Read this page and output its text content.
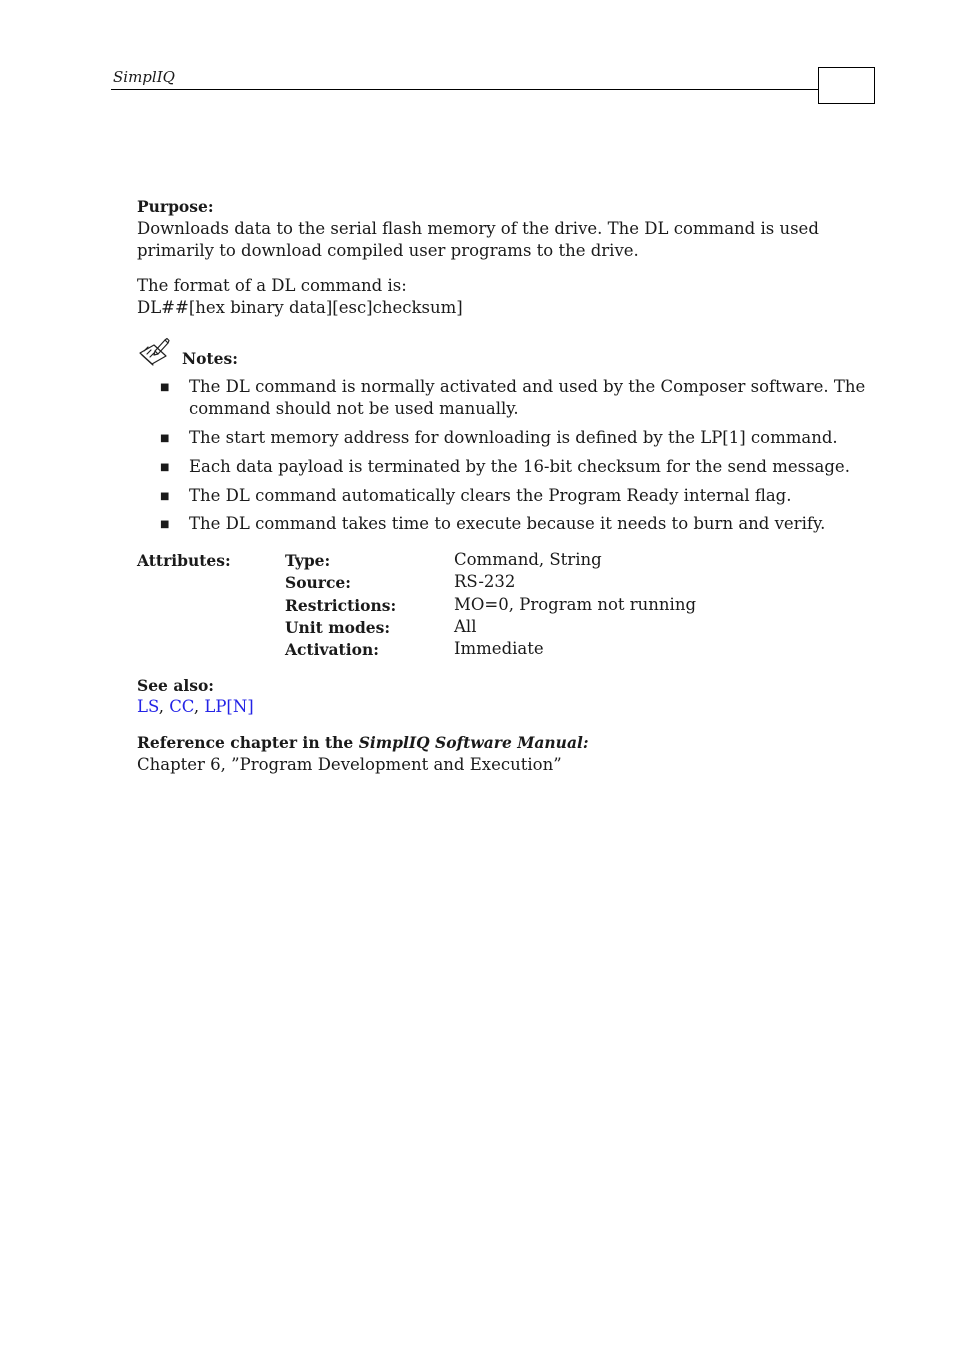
SimplIQ
Purpose:
Downloads data to the serial flash memory of the drive. The DL command is used
primarily to download compiled user programs to the drive.
The format of a DL command is:
DL##[hex binary data][esc]checksum]
Notes:
■ The DL command is normally activated and used by the Composer software. The
command should not be used manually.
■ The start memory address for downloading is defined by the LP[1] command.
■ Each data payload is terminated by the 16-bit checksum for the send message.
■ The DL command automatically clears the Program Ready internal flag.
■ The DL command takes time to execute because it needs to burn and verify.
Attributes:	Type:	Command, String
Source:	RS-232
Restrictions:	MO=0, Program not running
Unit modes:	All
Activation:	Immediate
See also:
LS, CC, LP[N]
Reference chapter in the SimplIQ Software Manual:
Chapter 6, ”Program Development and Execution”
